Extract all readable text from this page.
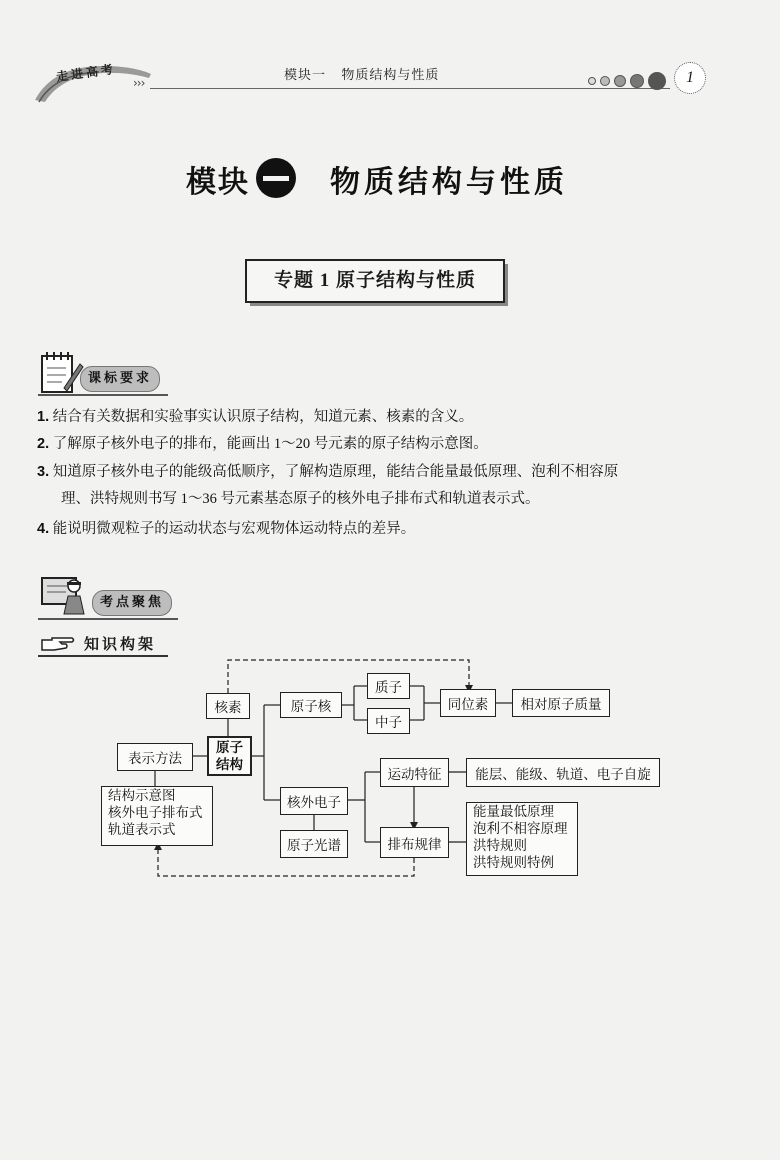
走进高考 ›››	模块一 物质结构与性质	1
模块	物质结构与性质
专题 1 原子结构与性质
课标要求
1. 结合有关数据和实验事实认识原子结构，知道元素、核素的含义。
2. 了解原子核外电子的排布，能画出 1～20 号元素的原子结构示意图。
3. 知道原子核外电子的能级高低顺序，了解构造原理，能结合能量最低原理、泡利不相容原
理、洪特规则书写 1～36 号元素基态原子的核外电子排布式和轨道表示式。
4. 能说明微观粒子的运动状态与宏观物体运动特点的差异。
考点聚焦
知识构架
核素
原子
结构
原子核
质子
中子
同位素	相对原子质量
表示方法
结构示意图
核外电子排布式
轨道表示式
核外电子
原子光谱
运动特征	能层、能级、轨道、电子自旋
排布规律
能量最低原理
泡利不相容原理
洪特规则
洪特规则特例
